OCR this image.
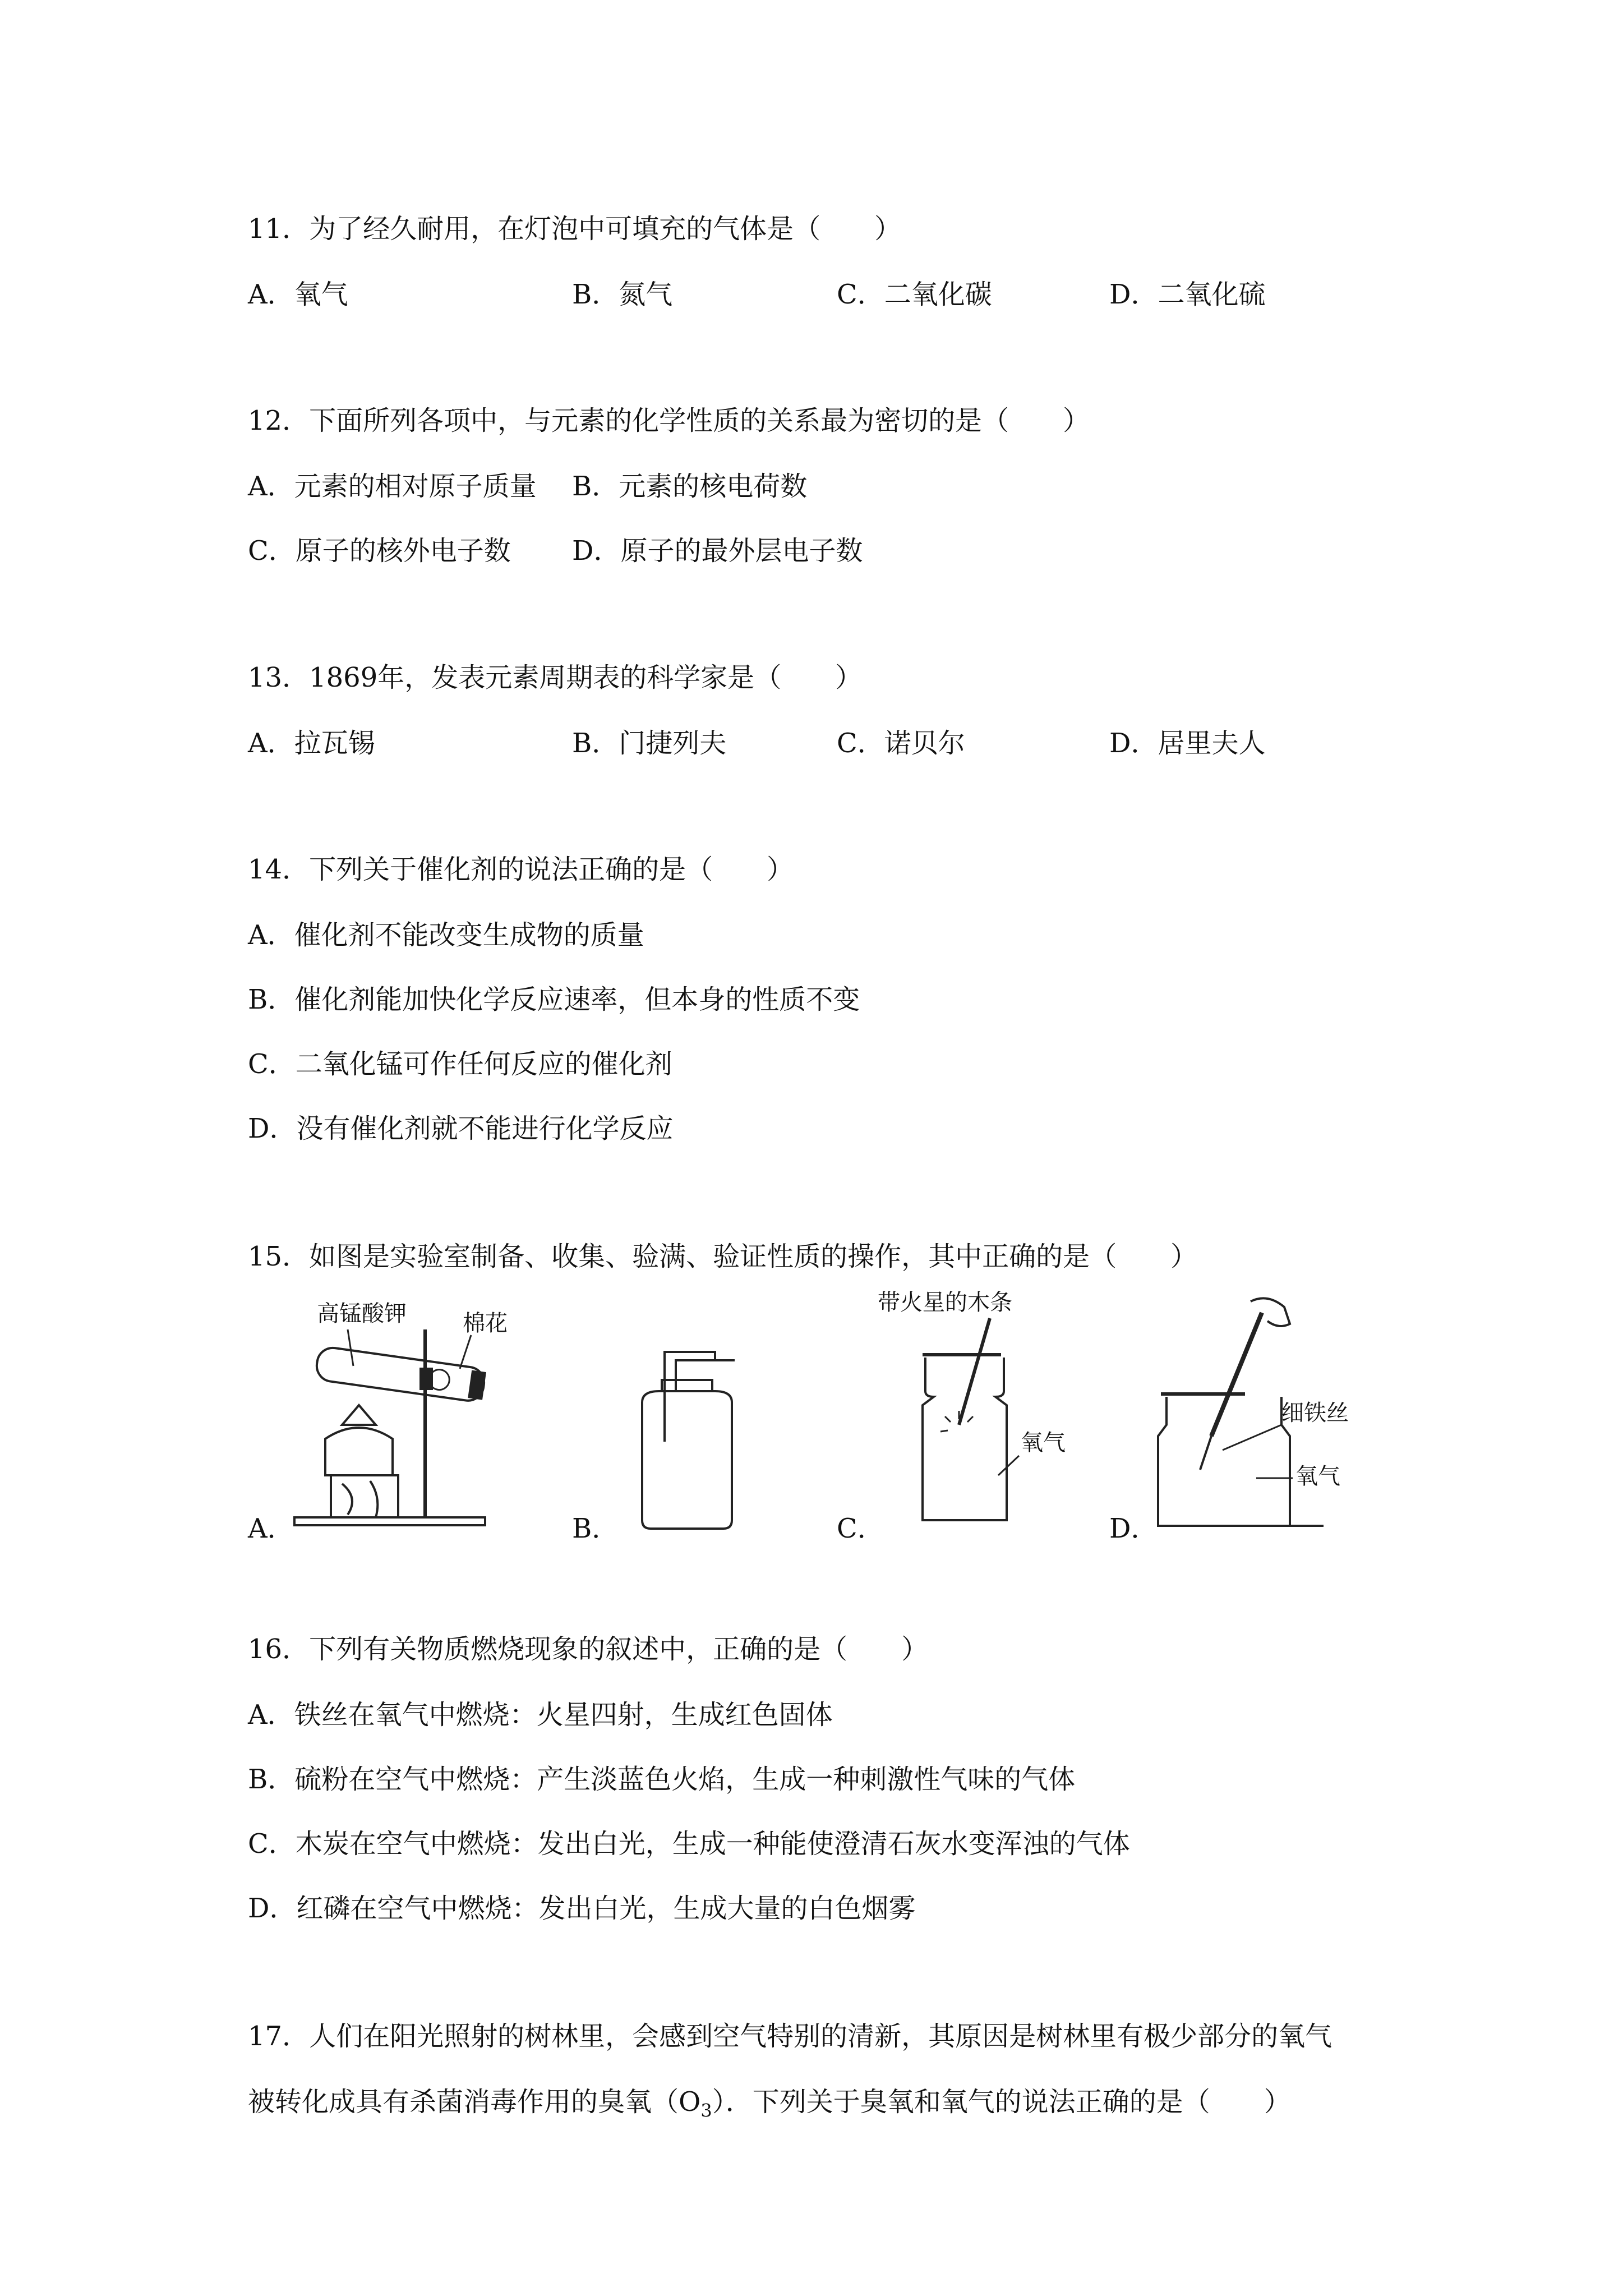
11．为了经久耐用，在灯泡中可填充的气体是（　　）
A．氧气	B．氮气	C．二氧化碳	D．二氧化硫
12．下面所列各项中，与元素的化学性质的关系最为密切的是（　　）
A．元素的相对原子质量 B．元素的核电荷数
C．原子的核外电子数 D．原子的最外层电子数
13．1869年，发表元素周期表的科学家是（　　）
A．拉瓦锡	B．门捷列夫	C．诺贝尔	D．居里夫人
14．下列关于催化剂的说法正确的是（　　）
A．催化剂不能改变生成物的质量
B．催化剂能加快化学反应速率，但本身的性质不变
C．二氧化锰可作任何反应的催化剂
D．没有催化剂就不能进行化学反应
15．如图是实验室制备、收集、验满、验证性质的操作，其中正确的是（　　）
A．	B．	C．	D．
高锰酸钾	棉花
带火星的木条
氧气
细铁丝
氧气
16．下列有关物质燃烧现象的叙述中，正确的是（　　）
A．铁丝在氧气中燃烧：火星四射，生成红色固体
B．硫粉在空气中燃烧：产生淡蓝色火焰，生成一种刺激性气味的气体
C．木炭在空气中燃烧：发出白光，生成一种能使澄清石灰水变浑浊的气体
D．红磷在空气中燃烧：发出白光，生成大量的白色烟雾
17．人们在阳光照射的树林里，会感到空气特别的清新，其原因是树林里有极少部分的氧气
被转化成具有杀菌消毒作用的臭氧$(O_3)$．下列关于臭氧和氧气的说法正确的是（　　）
